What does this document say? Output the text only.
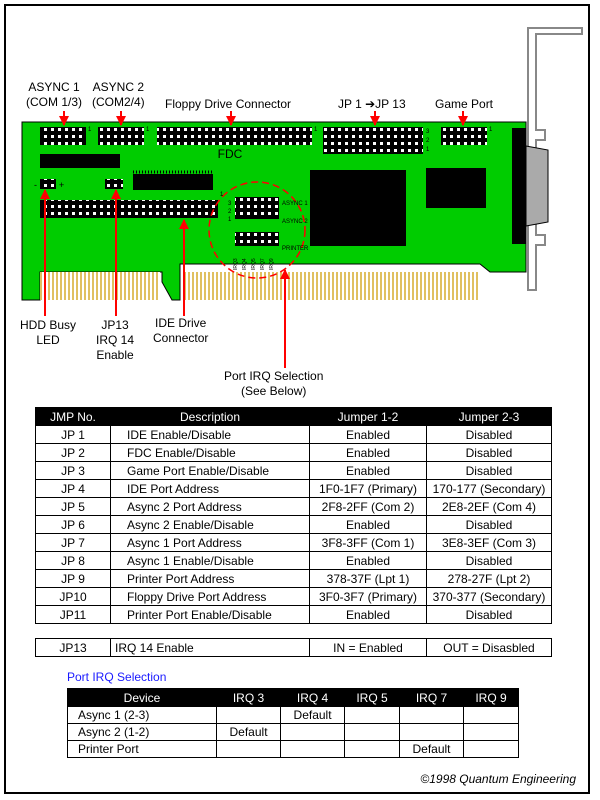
ASYNC 1
ASYNC 2
PRINTER
3
2
1
1	1	1
1
1
3
2
1
- +
IRQ3 IRQ4 IRQ5 IRQ7 IRQ9
FDC
ASYNC 1
(COM 1/3)
ASYNC 2
(COM2/4) Floppy Drive Connector	JP 1 ➔JP 13 Game Port
HDD Busy
LED
JP13
IRQ 14
Enable
IDE Drive
Connector
Port IRQ Selection
(See Below)
JMP No.	Description	Jumper 1-2	Jumper 2-3
JP 1	IDE Enable/Disable	Enabled	Disabled
JP 2	FDC Enable/Disable	Enabled	Disabled
JP 3	Game Port Enable/Disable	Enabled	Disabled
JP 4	IDE Port Address	1F0-1F7 (Primary)	170-177 (Secondary)
JP 5	Async 2 Port Address	2F8-2FF (Com 2)	2E8-2EF (Com 4)
JP 6	Async 2 Enable/Disable	Enabled	Disabled
JP 7	Async 1 Port Address	3F8-3FF (Com 1)	3E8-3EF (Com 3)
JP 8	Async 1 Enable/Disable	Enabled	Disabled
JP 9	Printer Port Address	378-37F (Lpt 1)	278-27F (Lpt 2)
JP10	Floppy Drive Port Address	3F0-3F7 (Primary)	370-377 (Secondary)
JP11	Printer Port Enable/Disable	Enabled	Disabled
JP13	IRQ 14 Enable	IN = Enabled	OUT = Disasbled
Port IRQ Selection
Device	IRQ 3	IRQ 4	IRQ 5	IRQ 7	IRQ 9
Async 1 (2-3)		Default			
Async 2 (1-2)	Default				
Printer Port				Default	
©1998 Quantum Engineering
